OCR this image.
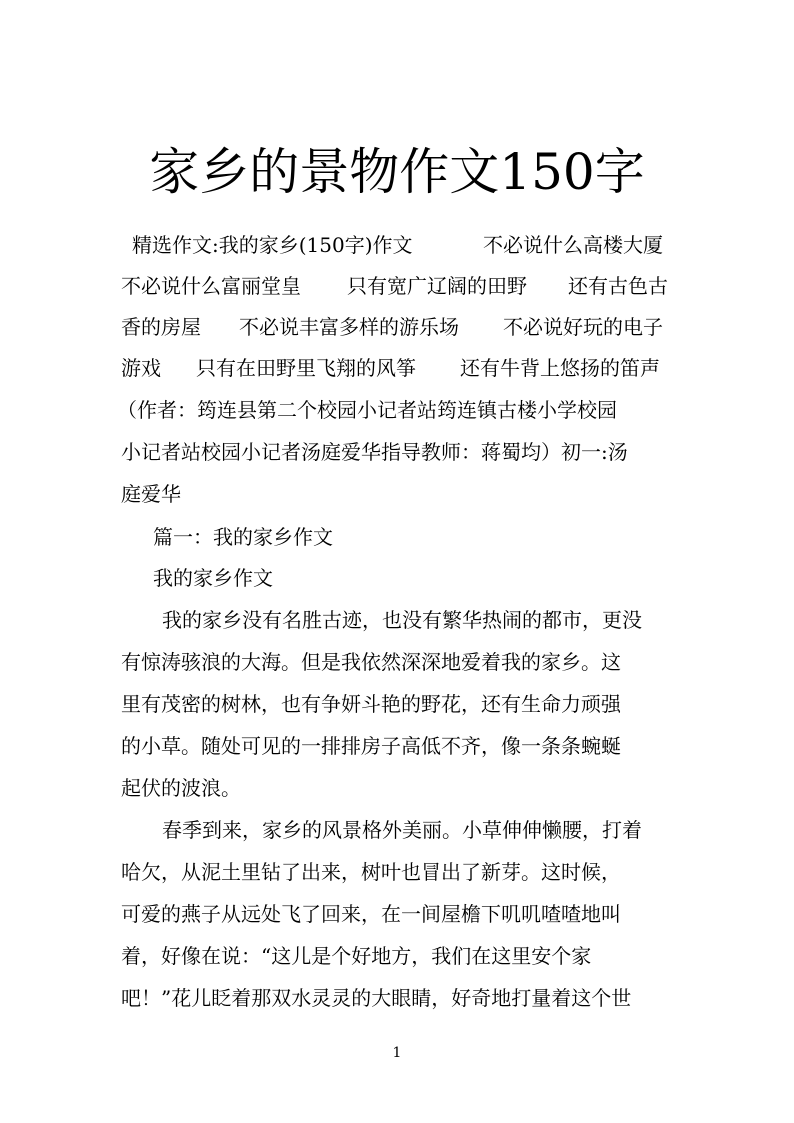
家乡的景物作文150字
精选作文:我的家乡(150字)作文	不必说什么高楼大厦
不必说什么富丽堂皇 只有宽广辽阔的田野 还有古色古
香的房屋 不必说丰富多样的游乐场 不必说好玩的电子
游戏 只有在田野里飞翔的风筝 还有牛背上悠扬的笛声
（作者：筠连县第二个校园小记者站筠连镇古楼小学校园
小记者站校园小记者汤庭爱华指导教师：蒋蜀均）初一:汤
庭爱华
篇一：我的家乡作文
我的家乡作文
我的家乡没有名胜古迹，也没有繁华热闹的都市，更没
有惊涛骇浪的大海。但是我依然深深地爱着我的家乡。这
里有茂密的树林，也有争妍斗艳的野花，还有生命力顽强
的小草。随处可见的一排排房子高低不齐，像一条条蜿蜒
起伏的波浪。
春季到来，家乡的风景格外美丽。小草伸伸懒腰，打着
哈欠，从泥土里钻了出来，树叶也冒出了新芽。这时候，
可爱的燕子从远处飞了回来，在一间屋檐下叽叽喳喳地叫
着，好像在说：“这儿是个好地方，我们在这里安个家
吧！”花儿眨着那双水灵灵的大眼睛，好奇地打量着这个世
1
